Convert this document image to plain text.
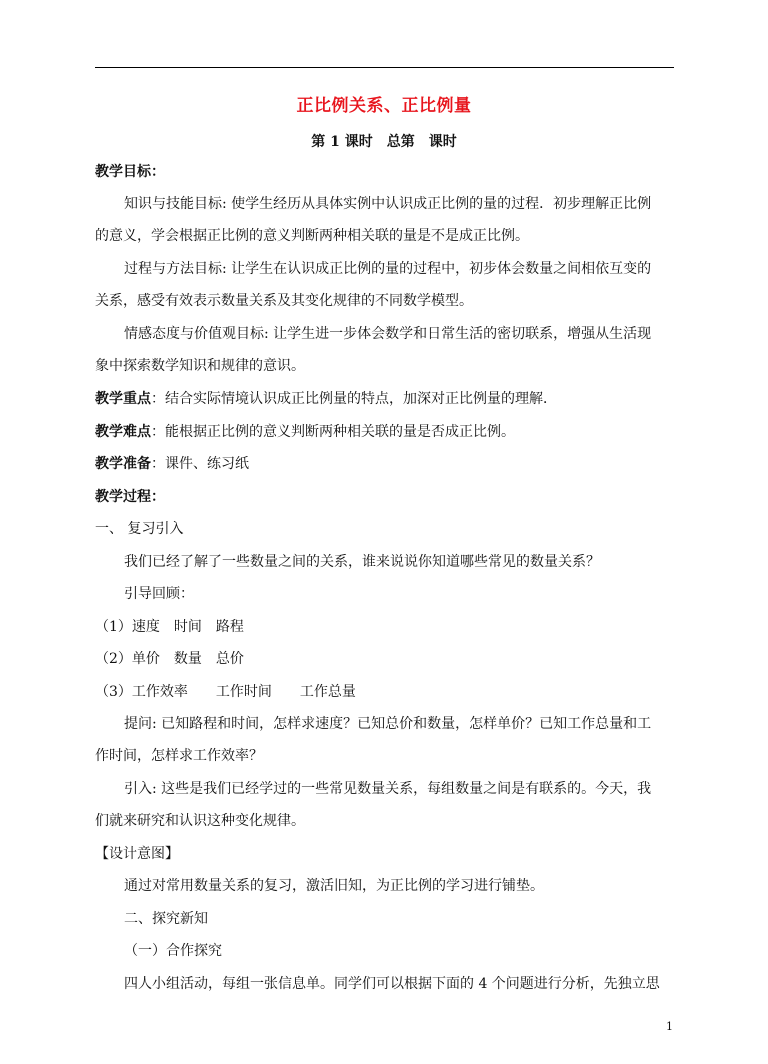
正比例关系、正比例量
第 1 课时　总第　课时
教学目标：
知识与技能目标: 使学生经历从具体实例中认识成正比例的量的过程．初步理解正比例
的意义，学会根据正比例的意义判断两种相关联的量是不是成正比例。
过程与方法目标: 让学生在认识成正比例的量的过程中，初步体会数量之间相依互变的
关系，感受有效表示数量关系及其变化规律的不同数学模型。
情感态度与价值观目标: 让学生进一步体会数学和日常生活的密切联系，增强从生活现
象中探索数学知识和规律的意识。
教学重点：结合实际情境认识成正比例量的特点，加深对正比例量的理解．
教学难点：能根据正比例的意义判断两种相关联的量是否成正比例。
教学准备：课件、练习纸
教学过程：
一、 复习引入
我们已经了解了一些数量之间的关系，谁来说说你知道哪些常见的数量关系？
引导回顾：
（1）速度　时间　路程
（2）单价　数量　总价
（3）工作效率　　工作时间　　工作总量
提问: 已知路程和时间，怎样求速度？已知总价和数量，怎样单价？已知工作总量和工
作时间，怎样求工作效率？
引入: 这些是我们已经学过的一些常见数量关系，每组数量之间是有联系的。今天，我
们就来研究和认识这种变化规律。
【设计意图】
通过对常用数量关系的复习，激活旧知，为正比例的学习进行铺垫。
二、探究新知
（一）合作探究
四人小组活动，每组一张信息单。同学们可以根据下面的 4 个问题进行分析，先独立思
1
